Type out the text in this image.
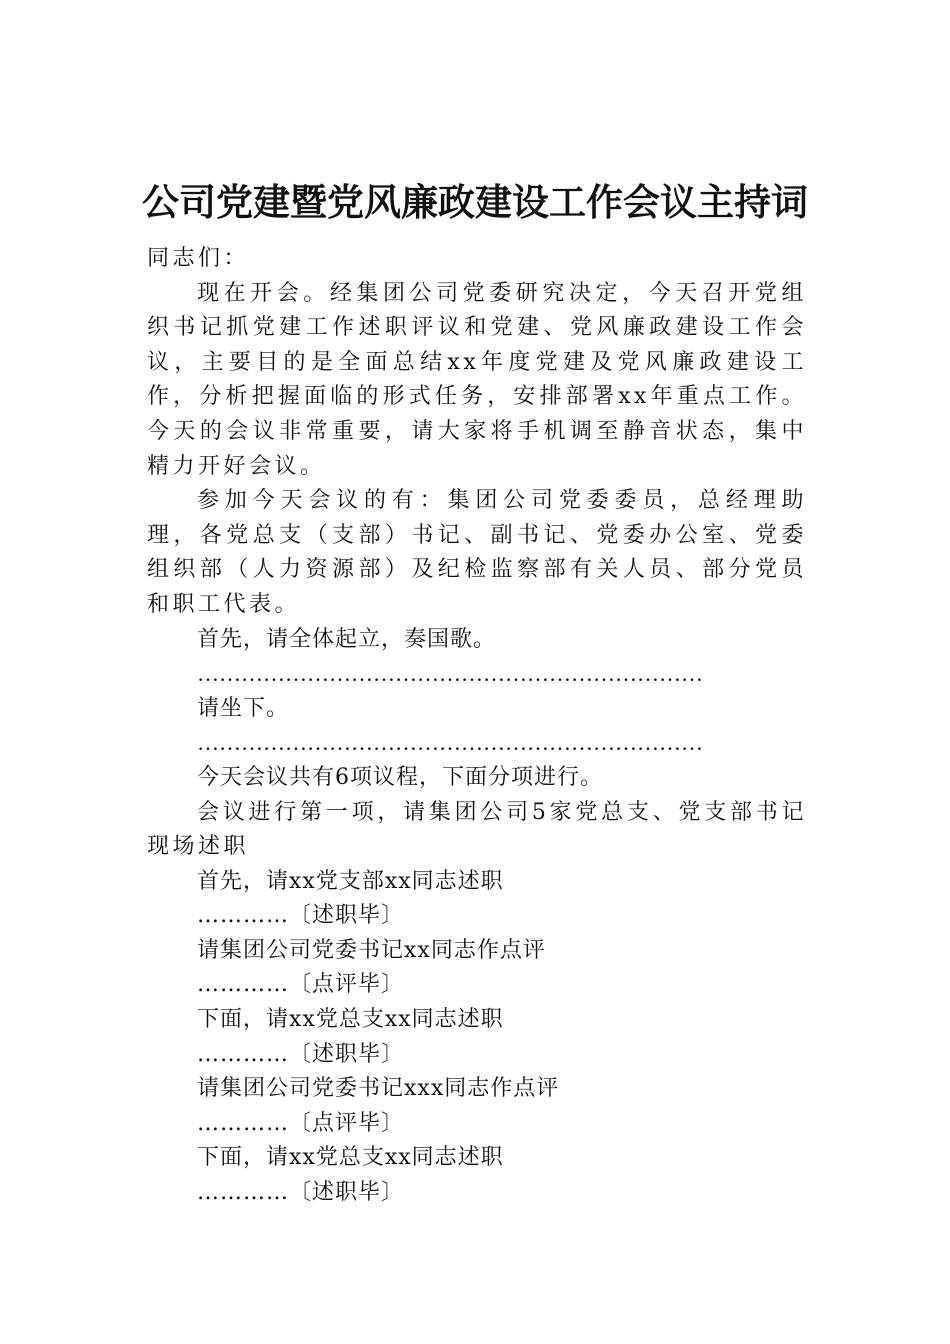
公司党建暨党风廉政建设工作会议主持词

同志们：

现在开会。经集团公司党委研究决定，今天召开党组织书记抓党建工作述职评议和党建、党风廉政建设工作会议，主要目的是全面总结xx年度党建及党风廉政建设工作，分析把握面临的形式任务，安排部署xx年重点工作。今天的会议非常重要，请大家将手机调至静音状态，集中精力开好会议。

参加今天会议的有：集团公司党委委员，总经理助理，各党总支（支部）书记、副书记、党委办公室、党委组织部（人力资源部）及纪检监察部有关人员、部分党员和职工代表。

首先，请全体起立，奏国歌。

……………………………………………………………

请坐下。

……………………………………………………………

今天会议共有6项议程，下面分项进行。

会议进行第一项，请集团公司5家党总支、党支部书记现场述职

首先，请xx党支部xx同志述职

…………〔述职毕〕

请集团公司党委书记xx同志作点评

…………〔点评毕〕

下面，请xx党总支xx同志述职

…………〔述职毕〕

请集团公司党委书记xxx同志作点评

…………〔点评毕〕

下面，请xx党总支xx同志述职

…………〔述职毕〕
